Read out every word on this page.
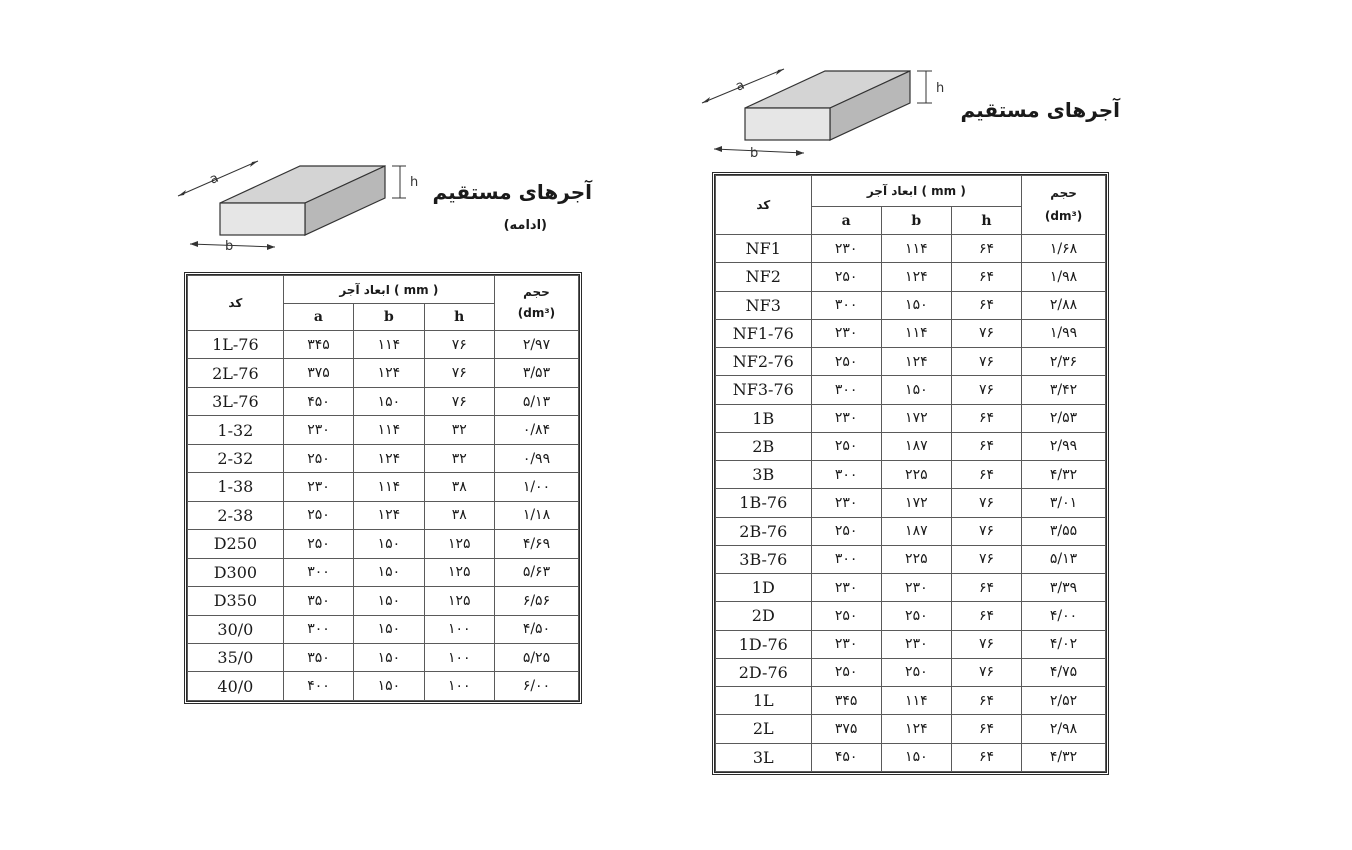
a	h
b
آجرهای مستقیم
(ادامه)
کد	ابعاد آجر ( mm )			حجم
(dm³)

	a	b	h	
1L-76	۳۴۵	۱۱۴	۷۶	۲/۹۷
2L-76	۳۷۵	۱۲۴	۷۶	۳/۵۳
3L-76	۴۵۰	۱۵۰	۷۶	۵/۱۳
1-32	۲۳۰	۱۱۴	۳۲	۰/۸۴
2-32	۲۵۰	۱۲۴	۳۲	۰/۹۹
1-38	۲۳۰	۱۱۴	۳۸	۱/۰۰
2-38	۲۵۰	۱۲۴	۳۸	۱/۱۸
D250	۲۵۰	۱۵۰	۱۲۵	۴/۶۹
D300	۳۰۰	۱۵۰	۱۲۵	۵/۶۳
D350	۳۵۰	۱۵۰	۱۲۵	۶/۵۶
30/0	۳۰۰	۱۵۰	۱۰۰	۴/۵۰
35/0	۳۵۰	۱۵۰	۱۰۰	۵/۲۵
40/0	۴۰۰	۱۵۰	۱۰۰	۶/۰۰
a	h
b
آجرهای مستقیم
کد	ابعاد آجر ( mm )			حجم
(dm³)

	a	b	h	
NF1	۲۳۰	۱۱۴	۶۴	۱/۶۸
NF2	۲۵۰	۱۲۴	۶۴	۱/۹۸
NF3	۳۰۰	۱۵۰	۶۴	۲/۸۸
NF1-76	۲۳۰	۱۱۴	۷۶	۱/۹۹
NF2-76	۲۵۰	۱۲۴	۷۶	۲/۳۶
NF3-76	۳۰۰	۱۵۰	۷۶	۳/۴۲
1B	۲۳۰	۱۷۲	۶۴	۲/۵۳
2B	۲۵۰	۱۸۷	۶۴	۲/۹۹
3B	۳۰۰	۲۲۵	۶۴	۴/۳۲
1B-76	۲۳۰	۱۷۲	۷۶	۳/۰۱
2B-76	۲۵۰	۱۸۷	۷۶	۳/۵۵
3B-76	۳۰۰	۲۲۵	۷۶	۵/۱۳
1D	۲۳۰	۲۳۰	۶۴	۳/۳۹
2D	۲۵۰	۲۵۰	۶۴	۴/۰۰
1D-76	۲۳۰	۲۳۰	۷۶	۴/۰۲
2D-76	۲۵۰	۲۵۰	۷۶	۴/۷۵
1L	۳۴۵	۱۱۴	۶۴	۲/۵۲
2L	۳۷۵	۱۲۴	۶۴	۲/۹۸
3L	۴۵۰	۱۵۰	۶۴	۴/۳۲
